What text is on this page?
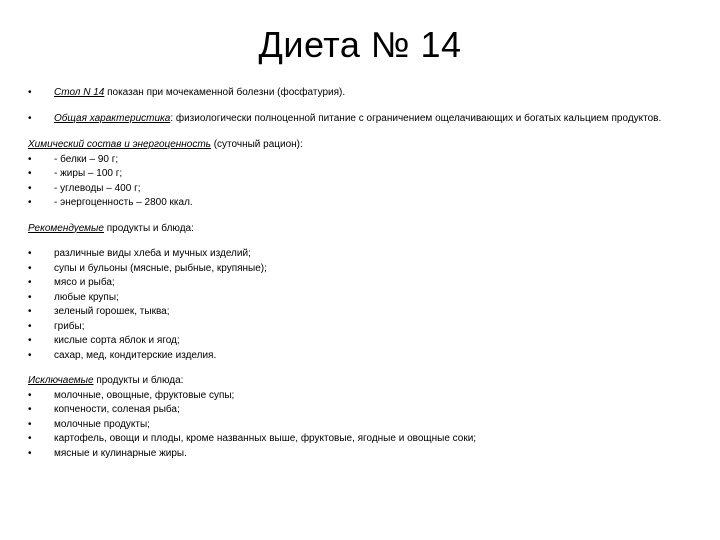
Диета № 14
•	Стол N 14 показан при мочекаменной болезни (фосфатурия).
•	Общая характеристика: физиологически полноценной питание с ограничением ощелачивающих и богатых кальцием продуктов.
Химический состав и энергоценность (суточный рацион):
•	- белки – 90 г;
•	- жиры – 100 г;
•	- углеводы – 400 г;
•	- энергоценность – 2800 ккал.
Рекомендуемые продукты и блюда:
•	различные виды хлеба и мучных изделий;
•	супы и бульоны (мясные, рыбные, крупяные);
•	мясо и рыба;
•	любые крупы;
•	зеленый горошек, тыква;
•	грибы;
•	кислые сорта яблок и ягод;
•	сахар, мед, кондитерские изделия.
Исключаемые продукты и блюда:
•	молочные, овощные, фруктовые супы;
•	копчености, соленая рыба;
•	молочные продукты;
•	картофель, овощи и плоды, кроме названных выше, фруктовые, ягодные и овощные соки;
•	мясные и кулинарные жиры.
